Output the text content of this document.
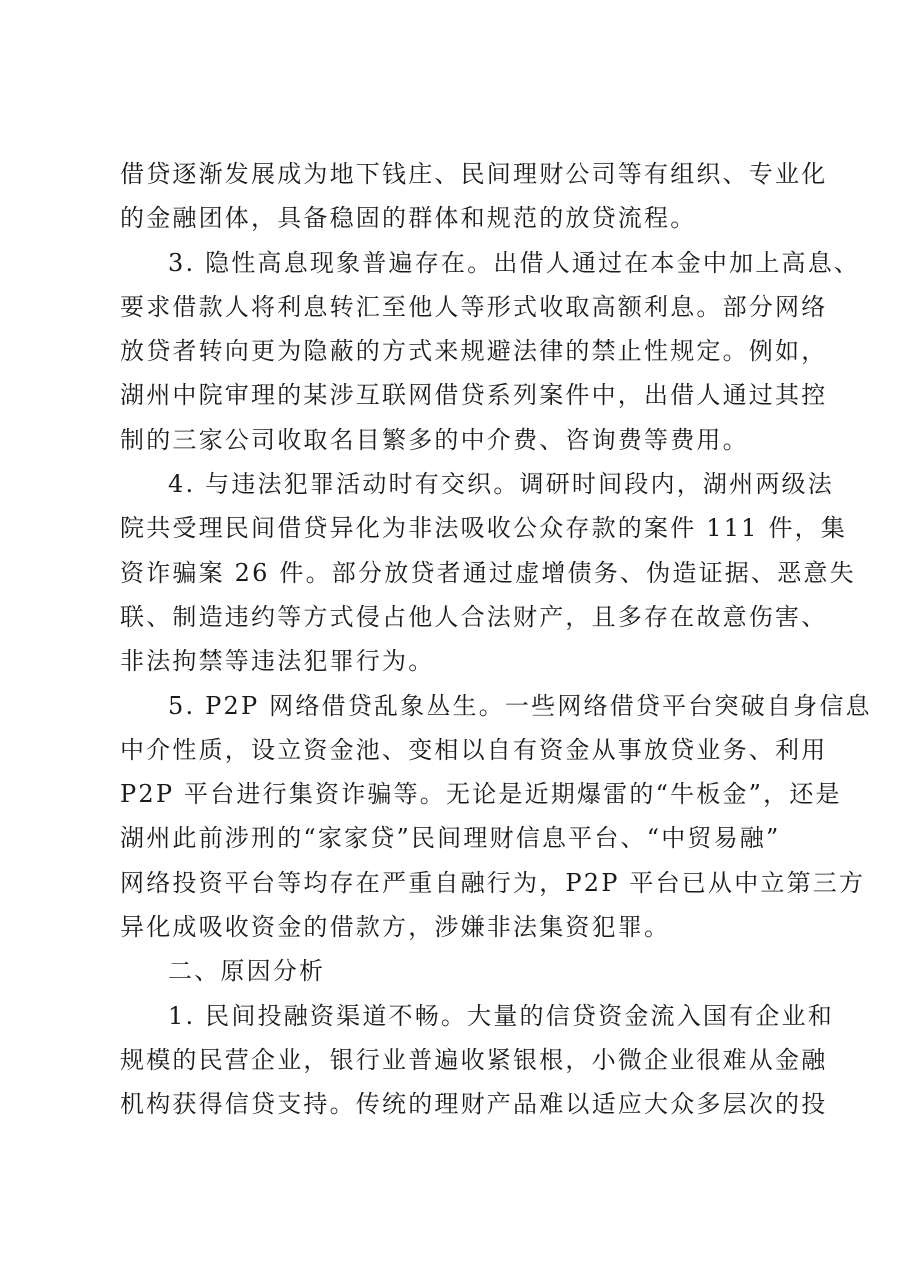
借贷逐渐发展成为地下钱庄、民间理财公司等有组织、专业化
的金融团体，具备稳固的群体和规范的放贷流程。
3. 隐性高息现象普遍存在。出借人通过在本金中加上高息、
要求借款人将利息转汇至他人等形式收取高额利息。部分网络
放贷者转向更为隐蔽的方式来规避法律的禁止性规定。例如，
湖州中院审理的某涉互联网借贷系列案件中，出借人通过其控
制的三家公司收取名目繁多的中介费、咨询费等费用。
4. 与违法犯罪活动时有交织。调研时间段内，湖州两级法
院共受理民间借贷异化为非法吸收公众存款的案件 111 件，集
资诈骗案 26 件。部分放贷者通过虚增债务、伪造证据、恶意失
联、制造违约等方式侵占他人合法财产，且多存在故意伤害、
非法拘禁等违法犯罪行为。
5. P2P 网络借贷乱象丛生。一些网络借贷平台突破自身信息
中介性质，设立资金池、变相以自有资金从事放贷业务、利用
P2P 平台进行集资诈骗等。无论是近期爆雷的“牛板金”，还是
湖州此前涉刑的“家家贷”民间理财信息平台、“中贸易融”
网络投资平台等均存在严重自融行为，P2P 平台已从中立第三方
异化成吸收资金的借款方，涉嫌非法集资犯罪。
二、原因分析
1. 民间投融资渠道不畅。大量的信贷资金流入国有企业和
规模的民营企业，银行业普遍收紧银根，小微企业很难从金融
机构获得信贷支持。传统的理财产品难以适应大众多层次的投
